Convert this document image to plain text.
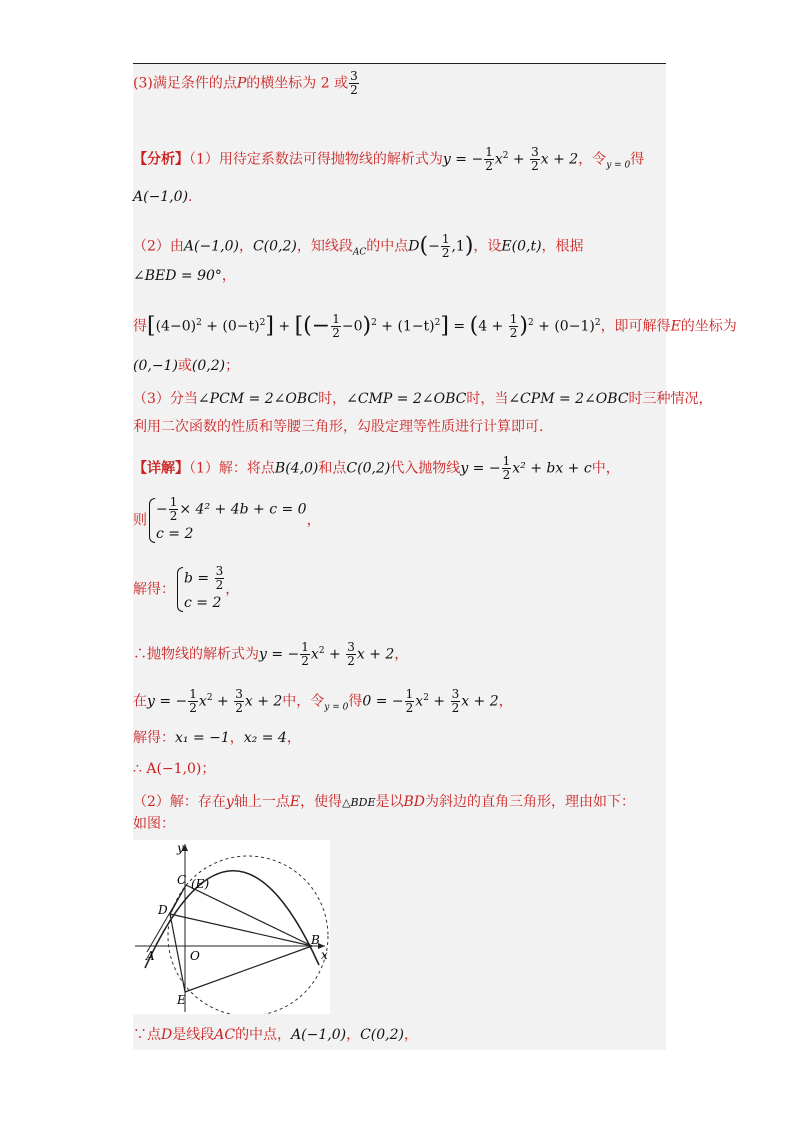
(3)满足条件的点P的横坐标为 2 或 $\frac{3}{2}$
【分析】（1）用待定系数法可得抛物线的解析式为y = − $\frac{1}{2} x^2 + \frac{3}{2}$ x + 2，令$_{y = 0}$得
A(−1,0).
（2）由A(−1,0)，C(0,2)，知线段$_{AC}$的中点$D(- \frac{1}{2} ,1)$，设E(0,t)，根据
∠BED = 90°，
得$[(4-0)^2 + (0-t)^2]$ + [(− $\frac{1}{2} -0)^2 + (1-t)^2] = (4 + \frac{1}{2} )^2 + (0-1)^2$，即可解得E的坐标为
(0,−1)或(0,2)；
（3）分当∠PCM = 2∠OBC时，∠CMP = 2∠OBC时，当∠CPM = 2∠OBC时三种情况，
利用二次函数的性质和等腰三角形，勾股定理等性质进行计算即可.
【详解】（1）解：将点B(4,0)和点C(0,2)代入抛物线y = − $\frac{1}{2} x^2$ + bx + c中，
则
− $\frac{1}{2} \times 4^2 + 4b + c = 0$
c = 2
，
解得：
$b = \frac{3}{2}$
c = 2
，
∴抛物线的解析式为y = − $\frac{1}{2} x^2 + \frac{3}{2}$ x + 2，
在y = − $\frac{1}{2} x^2 + \frac{3}{2}$ x + 2中，令$_{y = 0}$得0 = − $\frac{1}{2} x^2 + \frac{3}{2}$ x + 2，
解得：x₁ = −1，x₂ = 4，
∴ A(−1,0)；
（2）解：存在y轴上一点E，使得△BDE是以BD为斜边的直角三角形，理由如下：
如图：
y
x
C (E)
D
A	O
B
E
∵点D是线段AC的中点，A(−1,0)，C(0,2)，
